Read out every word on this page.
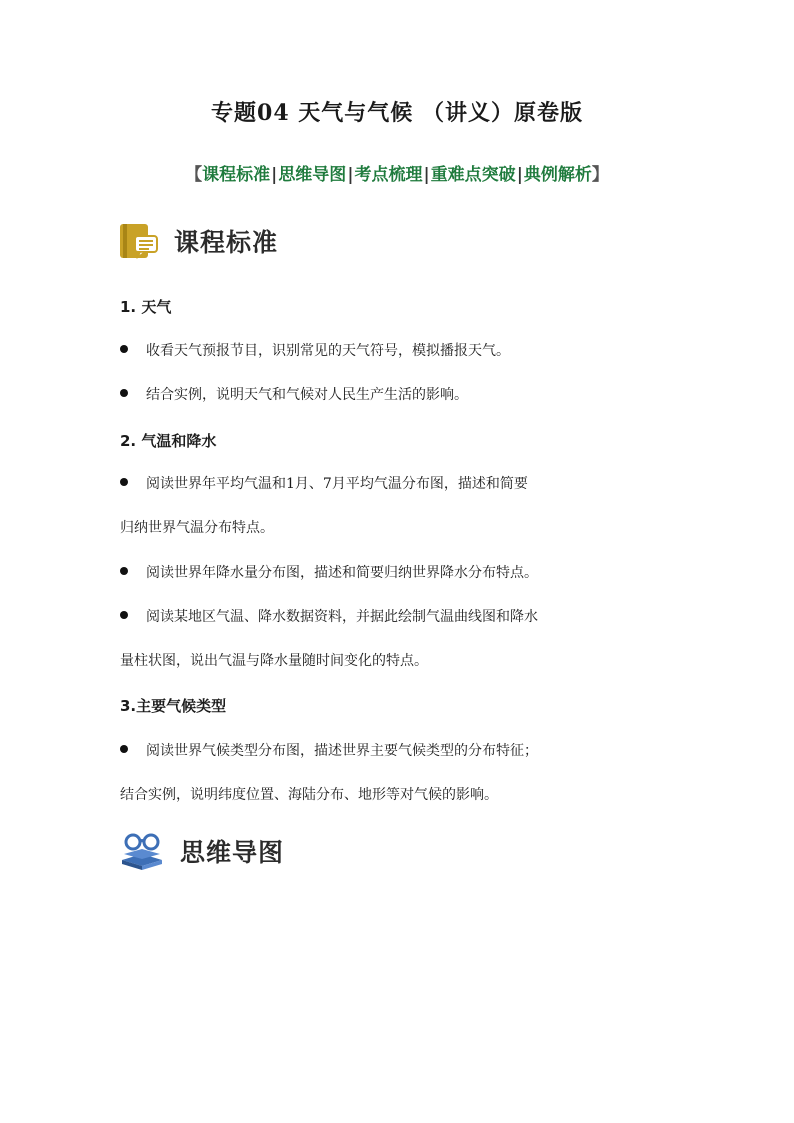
专题04 天气与气候 （讲义）原卷版
【课程标准|思维导图|考点梳理|重难点突破|典例解析】
课程标准
1. 天气
收看天气预报节目，识别常见的天气符号，模拟播报天气。
结合实例，说明天气和气候对人民生产生活的影响。
2. 气温和降水
阅读世界年平均气温和1月、7月平均气温分布图，描述和简要
归纳世界气温分布特点。
阅读世界年降水量分布图，描述和简要归纳世界降水分布特点。
阅读某地区气温、降水数据资料，并据此绘制气温曲线图和降水
量柱状图，说出气温与降水量随时间变化的特点。
3.主要气候类型
阅读世界气候类型分布图，描述世界主要气候类型的分布特征；
结合实例，说明纬度位置、海陆分布、地形等对气候的影响。
思维导图
